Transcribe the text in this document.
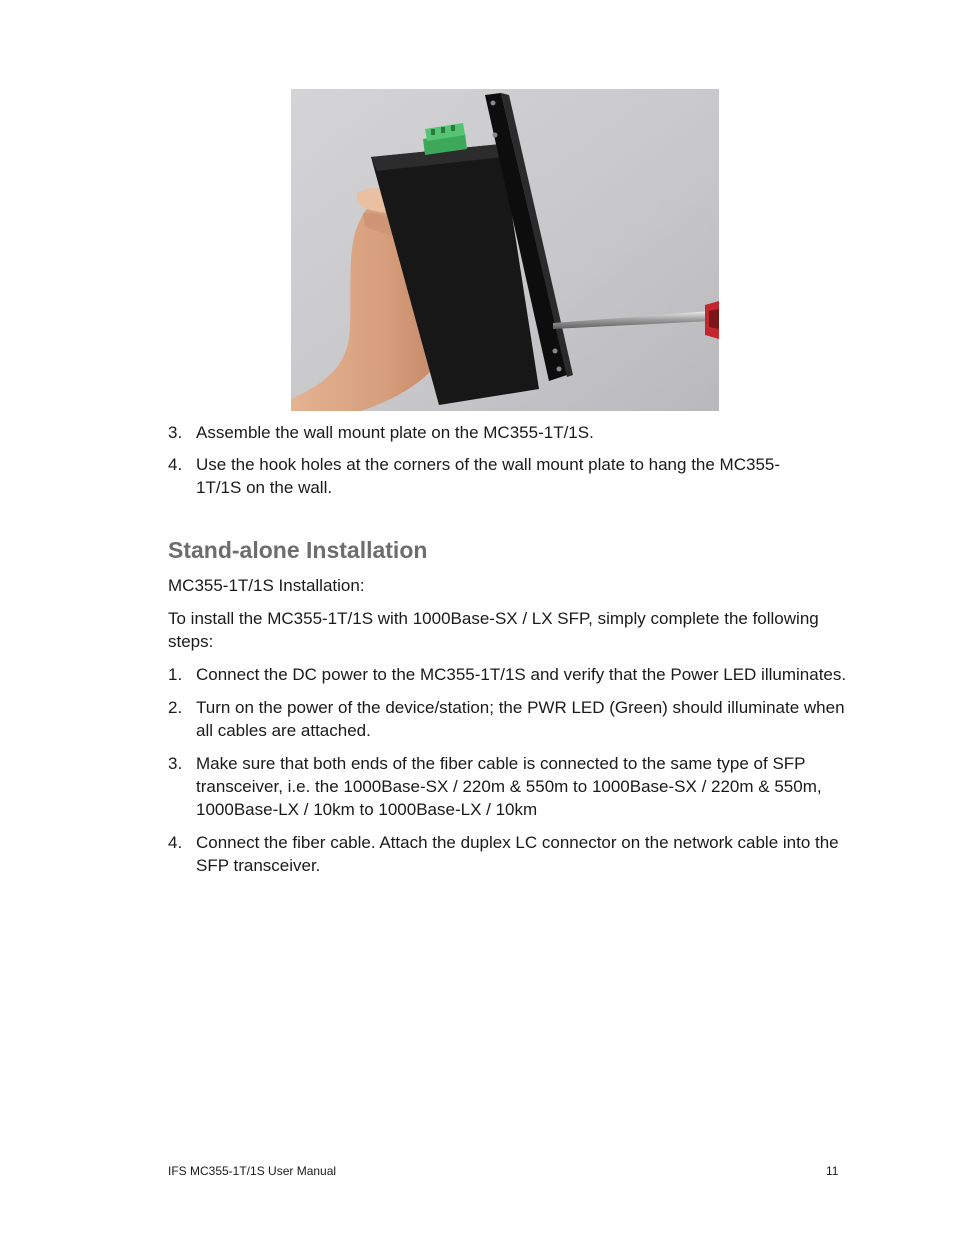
3. Assemble the wall mount plate on the MC355-1T/1S.
4. Use the hook holes at the corners of the wall mount plate to hang the MC355-
1T/1S on the wall.
Stand-alone Installation

MC355-1T/1S Installation:

To install the MC355-1T/1S with 1000Base-SX / LX SFP, simply complete the following steps:

1. Connect the DC power to the MC355-1T/1S and verify that the Power LED illuminates.
2. Turn on the power of the device/station; the PWR LED (Green) should illuminate when all cables are attached.
3. Make sure that both ends of the fiber cable is connected to the same type of SFP transceiver, i.e. the 1000Base-SX / 220m & 550m to 1000Base-SX / 220m & 550m, 1000Base-LX / 10km to 1000Base-LX / 10km
4. Connect the fiber cable. Attach the duplex LC connector on the network cable into the SFP transceiver.
IFS MC355-1T/1S User Manual	11
